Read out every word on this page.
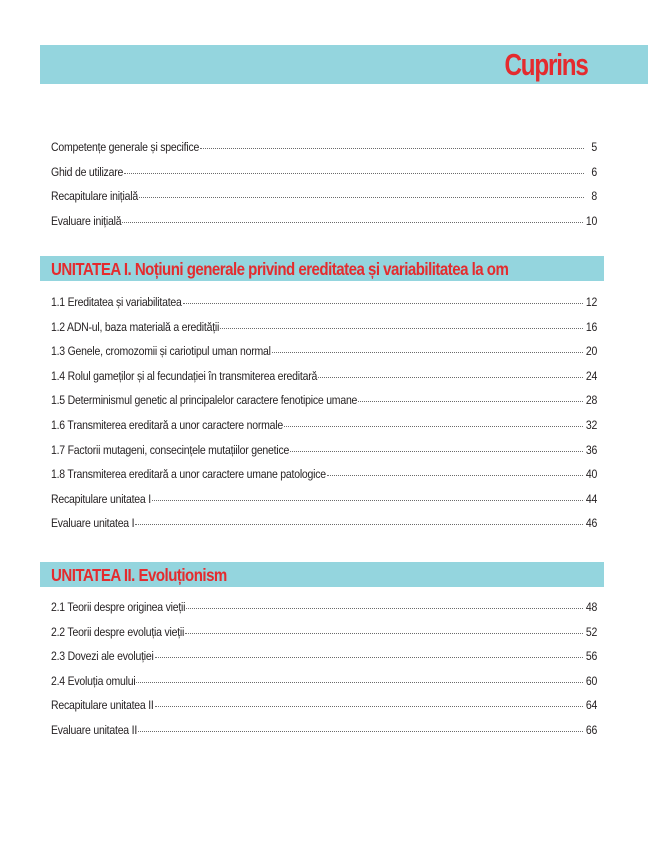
Cuprins
Competențe generale și specifice	5
Ghid de utilizare	6
Recapitulare inițială	8
Evaluare inițială	10
UNITATEA I. Noțiuni generale privind ereditatea și variabilitatea la om
1.1 Ereditatea și variabilitatea	12
1.2 ADN-ul, baza materială a eredității	16
1.3 Genele, cromozomii și cariotipul uman normal	20
1.4 Rolul gameților și al fecundației în transmiterea ereditară	24
1.5 Determinismul genetic al principalelor caractere fenotipice umane	28
1.6 Transmiterea ereditară a unor caractere normale	32
1.7 Factorii mutageni, consecințele mutațiilor genetice	36
1.8 Transmiterea ereditară a unor caractere umane patologice	40
Recapitulare unitatea I	44
Evaluare unitatea I	46
UNITATEA II. Evoluționism
2.1 Teorii despre originea vieții	48
2.2 Teorii despre evoluția vieții	52
2.3 Dovezi ale evoluției	56
2.4 Evoluția omului	60
Recapitulare unitatea II	64
Evaluare unitatea II	66
